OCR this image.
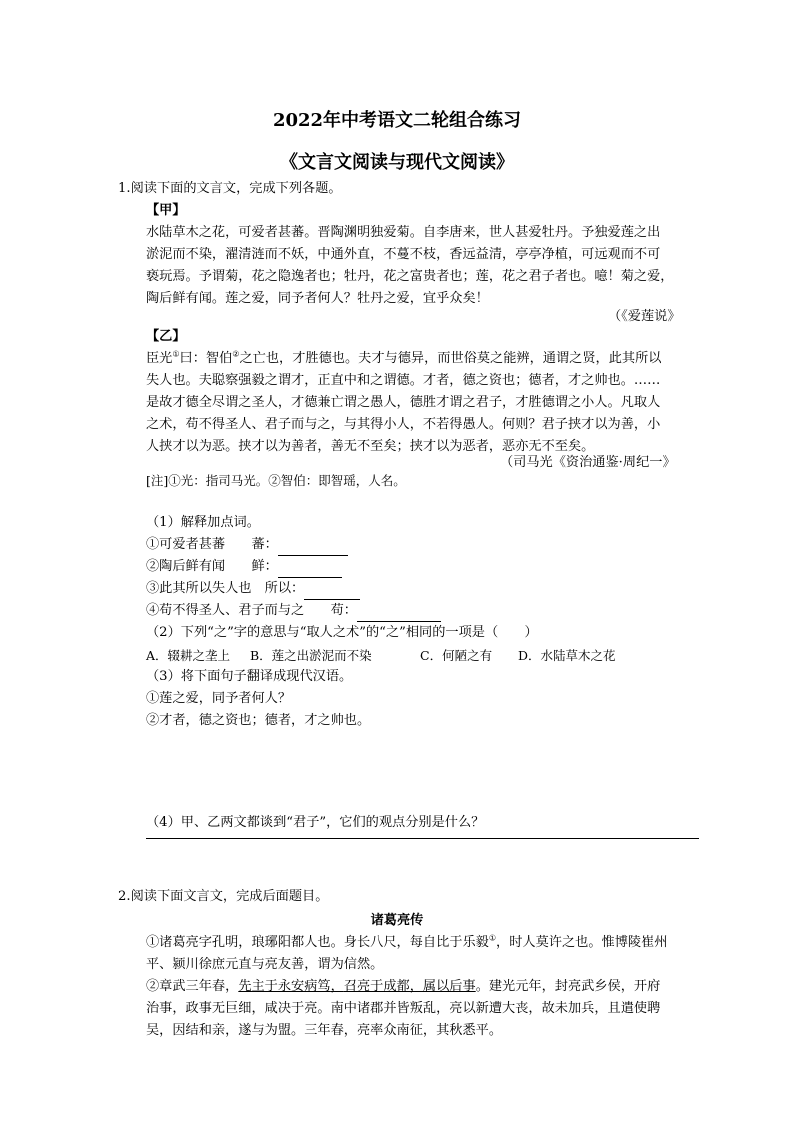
2022年中考语文二轮组合练习
《文言文阅读与现代文阅读》
1.阅读下面的文言文，完成下列各题。
【甲】
水陆草木之花，可爱者甚蕃。晋陶渊明独爱菊。自李唐来，世人甚爱牡丹。予独爱莲之出
淤泥而不染，濯清涟而不妖，中通外直，不蔓不枝，香远益清，亭亭净植，可远观而不可
亵玩焉。予谓菊，花之隐逸者也；牡丹，花之富贵者也；莲，花之君子者也。噫！菊之爱，
陶后鲜有闻。莲之爱，同予者何人？牡丹之爱，宜乎众矣！
（《爱莲说》
【乙】
臣光①曰：智伯②之亡也，才胜德也。夫才与德异，而世俗莫之能辨，通谓之贤，此其所以
失人也。夫聪察强毅之谓才，正直中和之谓德。才者，德之资也；德者，才之帅也。……
是故才德全尽谓之圣人，才德兼亡谓之愚人，德胜才谓之君子，才胜德谓之小人。凡取人
之术，苟不得圣人、君子而与之，与其得小人，不若得愚人。何则？君子挟才以为善，小
人挟才以为恶。挟才以为善者，善无不至矣；挟才以为恶者，恶亦无不至矣。
（司马光《资治通鉴·周纪一》
[注]①光：指司马光。②智伯：即智瑶，人名。
（1）解释加点词。
①可爱者甚蕃　　蕃：
②陶后鲜有闻　　鲜：
③此其所以失人也　所以：
④苟不得圣人、君子而与之　　苟：
（2）下列“之”字的意思与“取人之术”的“之”相同的一项是（　　）
A．辍耕之垄上 B．莲之出淤泥而不染	C．何陋之有 D．水陆草木之花
（3）将下面句子翻译成现代汉语。
①莲之爱，同予者何人？
②才者，德之资也；德者，才之帅也。
（4）甲、乙两文都谈到“君子”，它们的观点分别是什么？
2.阅读下面文言文，完成后面题目。
诸葛亮传
①诸葛亮字孔明，琅琊阳都人也。身长八尺，每自比于乐毅①，时人莫许之也。惟博陵崔州
平、颍川徐庶元直与亮友善，谓为信然。
②章武三年春，先主于永安病笃，召亮于成都，属以后事。建光元年，封亮武乡侯，开府
治事，政事无巨细，咸决于亮。南中诸郡并皆叛乱，亮以新遭大丧，故未加兵，且遣使聘
吴，因结和亲，遂与为盟。三年春，亮率众南征，其秋悉平。
